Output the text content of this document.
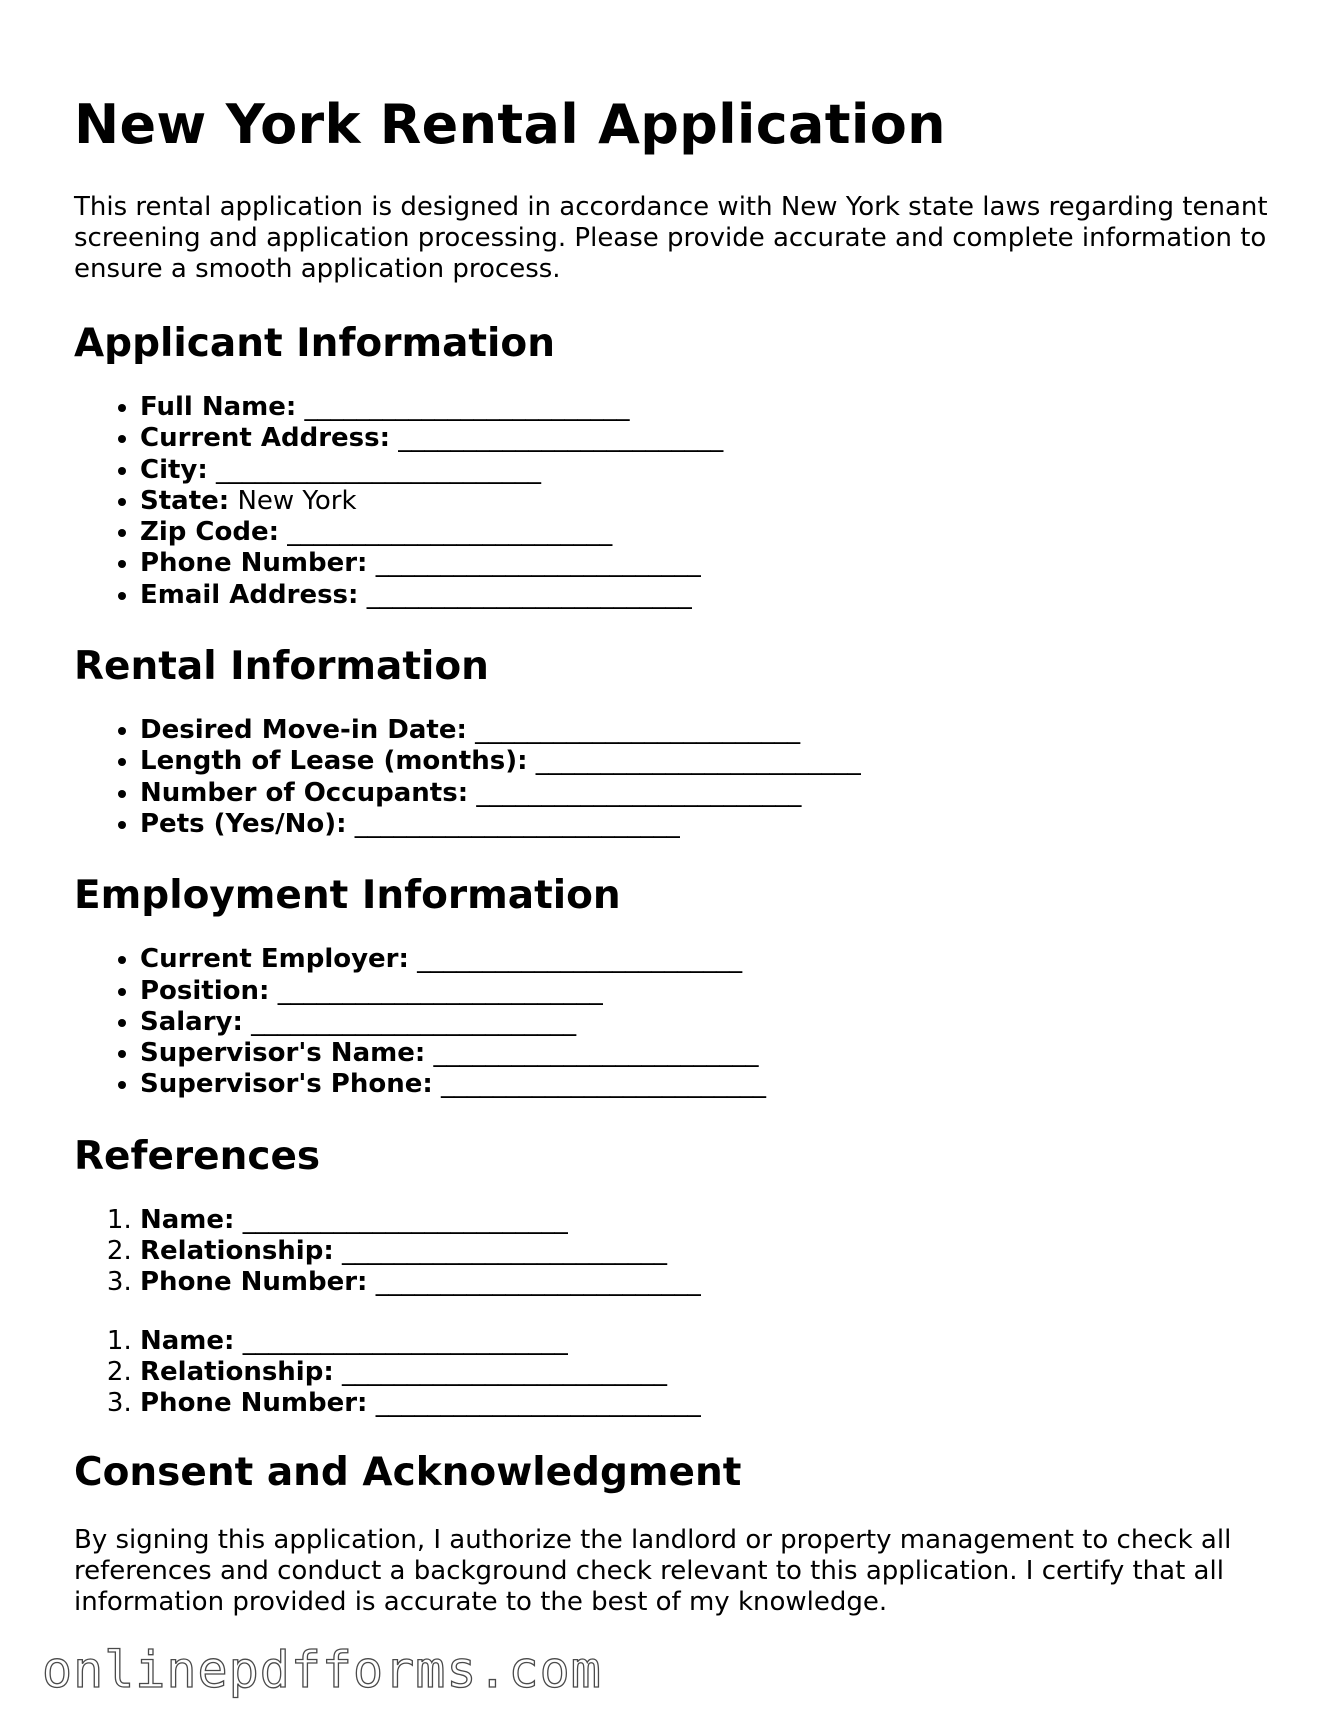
New York Rental Application

This rental application is designed in accordance with New York state laws regarding tenant screening and application processing. Please provide accurate and complete information to ensure a smooth application process.

Applicant Information
• Full Name: _________________________
• Current Address: _________________________
• City: _________________________
• State: New York
• Zip Code: _________________________
• Phone Number: _________________________
• Email Address: _________________________
Rental Information
• Desired Move-in Date: _________________________
• Length of Lease (months): _________________________
• Number of Occupants: _________________________
• Pets (Yes/No): _________________________
Employment Information
• Current Employer: _________________________
• Position: _________________________
• Salary: _________________________
• Supervisor's Name: _________________________
• Supervisor's Phone: _________________________
References
1. Name: _________________________
2. Relationship: _________________________
3. Phone Number: _________________________
1. Name: _________________________
2. Relationship: _________________________
3. Phone Number: _________________________
Consent and Acknowledgment

By signing this application, I authorize the landlord or property management to check all references and conduct a background check relevant to this application. I certify that all information provided is accurate to the best of my knowledge.

onlinepdfforms.com
